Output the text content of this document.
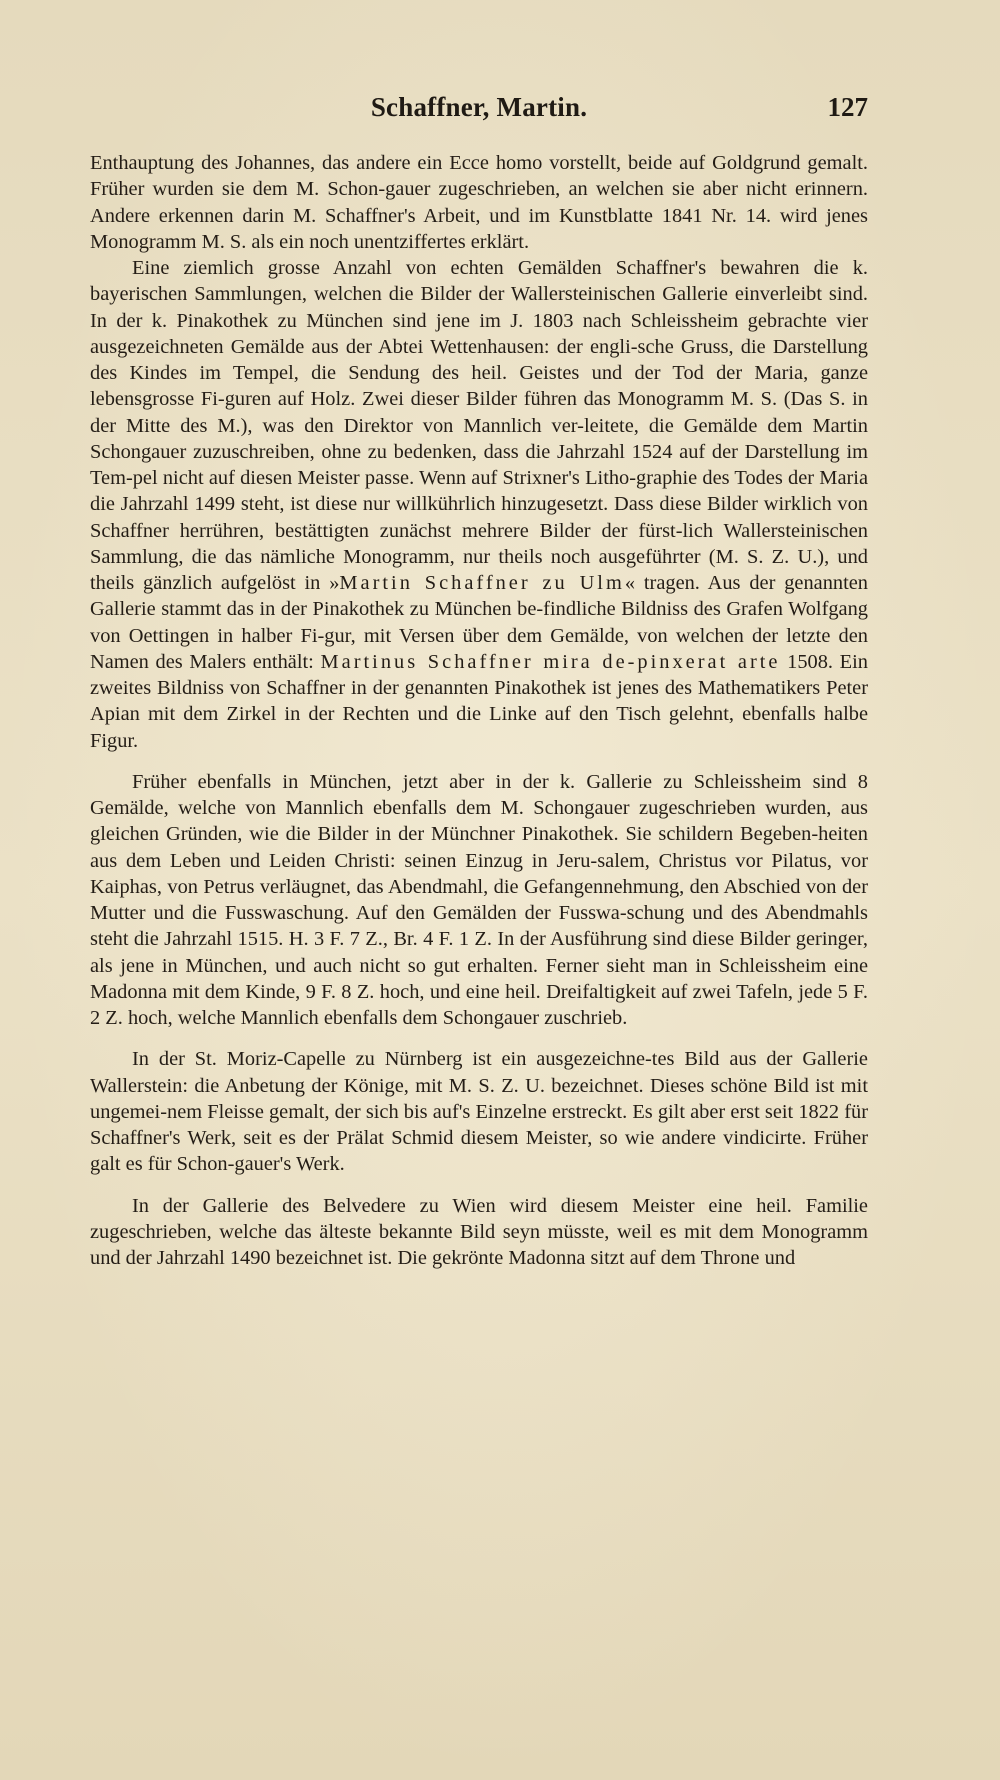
Schaffner, Martin.	127

Enthauptung des Johannes, das andere ein Ecce homo vorstellt, beide auf Goldgrund gemalt. Früher wurden sie dem M. Schon-gauer zugeschrieben, an welchen sie aber nicht erinnern. Andere erkennen darin M. Schaffner's Arbeit, und im Kunstblatte 1841 Nr. 14. wird jenes Monogramm M. S. als ein noch unentziffertes erklärt.

Eine ziemlich grosse Anzahl von echten Gemälden Schaffner's bewahren die k. bayerischen Sammlungen, welchen die Bilder der Wallersteinischen Gallerie einverleibt sind. In der k. Pinakothek zu München sind jene im J. 1803 nach Schleissheim gebrachte vier ausgezeichneten Gemälde aus der Abtei Wettenhausen: der engli-sche Gruss, die Darstellung des Kindes im Tempel, die Sendung des heil. Geistes und der Tod der Maria, ganze lebensgrosse Fi-guren auf Holz. Zwei dieser Bilder führen das Monogramm M. S. (Das S. in der Mitte des M.), was den Direktor von Mannlich ver-leitete, die Gemälde dem Martin Schongauer zuzuschreiben, ohne zu bedenken, dass die Jahrzahl 1524 auf der Darstellung im Tem-pel nicht auf diesen Meister passe. Wenn auf Strixner's Litho-graphie des Todes der Maria die Jahrzahl 1499 steht, ist diese nur willkührlich hinzugesetzt. Dass diese Bilder wirklich von Schaffner herrühren, bestättigten zunächst mehrere Bilder der fürst-lich Wallersteinischen Sammlung, die das nämliche Monogramm, nur theils noch ausgeführter (M. S. Z. U.), und theils gänzlich aufgelöst in »Martin Schaffner zu Ulm« tragen. Aus der genannten Gallerie stammt das in der Pinakothek zu München be-findliche Bildniss des Grafen Wolfgang von Oettingen in halber Fi-gur, mit Versen über dem Gemälde, von welchen der letzte den Namen des Malers enthält: Martinus Schaffner mira de-pinxerat arte 1508. Ein zweites Bildniss von Schaffner in der genannten Pinakothek ist jenes des Mathematikers Peter Apian mit dem Zirkel in der Rechten und die Linke auf den Tisch gelehnt, ebenfalls halbe Figur.

Früher ebenfalls in München, jetzt aber in der k. Gallerie zu Schleissheim sind 8 Gemälde, welche von Mannlich ebenfalls dem M. Schongauer zugeschrieben wurden, aus gleichen Gründen, wie die Bilder in der Münchner Pinakothek. Sie schildern Begeben-heiten aus dem Leben und Leiden Christi: seinen Einzug in Jeru-salem, Christus vor Pilatus, vor Kaiphas, von Petrus verläugnet, das Abendmahl, die Gefangennehmung, den Abschied von der Mutter und die Fusswaschung. Auf den Gemälden der Fusswa-schung und des Abendmahls steht die Jahrzahl 1515. H. 3 F. 7 Z., Br. 4 F. 1 Z. In der Ausführung sind diese Bilder geringer, als jene in München, und auch nicht so gut erhalten. Ferner sieht man in Schleissheim eine Madonna mit dem Kinde, 9 F. 8 Z. hoch, und eine heil. Dreifaltigkeit auf zwei Tafeln, jede 5 F. 2 Z. hoch, welche Mannlich ebenfalls dem Schongauer zuschrieb.

In der St. Moriz-Capelle zu Nürnberg ist ein ausgezeichne-tes Bild aus der Gallerie Wallerstein: die Anbetung der Könige, mit M. S. Z. U. bezeichnet. Dieses schöne Bild ist mit ungemei-nem Fleisse gemalt, der sich bis auf's Einzelne erstreckt. Es gilt aber erst seit 1822 für Schaffner's Werk, seit es der Prälat Schmid diesem Meister, so wie andere vindicirte. Früher galt es für Schon-gauer's Werk.

In der Gallerie des Belvedere zu Wien wird diesem Meister eine heil. Familie zugeschrieben, welche das älteste bekannte Bild seyn müsste, weil es mit dem Monogramm und der Jahrzahl 1490 bezeichnet ist. Die gekrönte Madonna sitzt auf dem Throne und
